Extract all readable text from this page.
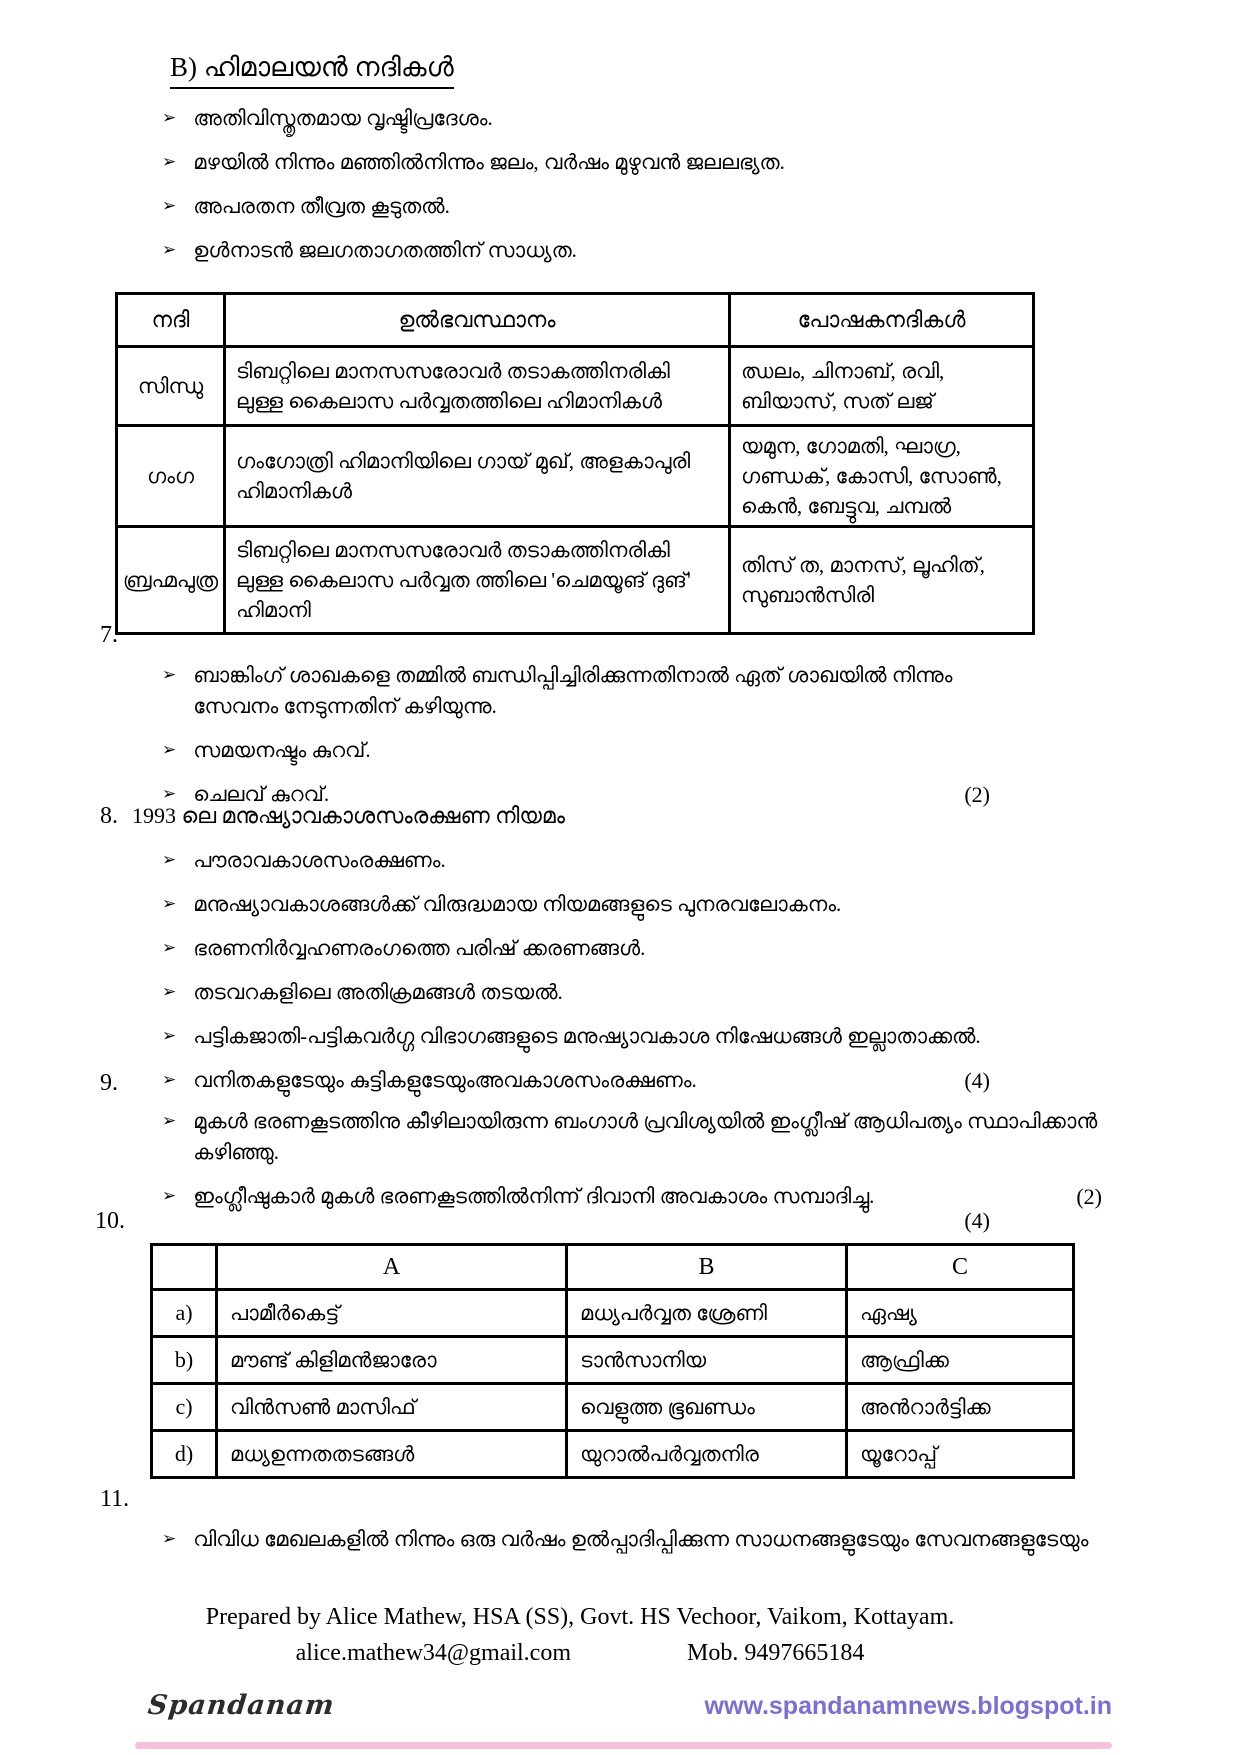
B) ഹിമാലയൻ നദികൾ
➢ അതിവിസ്തൃതമായ വൃഷ്ടിപ്രദേശം.
➢ മഴയിൽ നിന്നും മഞ്ഞിൽനിന്നും ജലം, വർഷം മുഴുവൻ ജലലഭ്യത.
➢ അപരതന തീവ്രത കൂടുതൽ.
➢ ഉൾനാടൻ ജലഗതാഗതത്തിന് സാധ്യത.
നദി	ഉൽഭവസ്ഥാനം	പോഷകനദികൾ
സിന്ധു	ടിബറ്റിലെ മാനസസരോവർ തടാകത്തിനരികി ലുള്ള കൈലാസ പർവ്വതത്തിലെ ഹിമാനികൾ	ഝലം, ചിനാബ്, രവി, ബിയാസ്, സത് ലജ്
ഗംഗ	ഗംഗോത്രി ഹിമാനിയിലെ ഗായ് മുഖ്, അളകാപുരി ഹിമാനികൾ	യമുന, ഗോമതി, ഘാഗ്ര, ഗണ്ഡക്, കോസി, സോൺ, കെൻ, ബേട്ടുവ, ചമ്പൽ
ബ്രഹ്മപുത്ര	ടിബറ്റിലെ മാനസസരോവർ തടാകത്തിനരികി ലുള്ള കൈലാസ പർവ്വത ത്തിലെ 'ചെമയൂങ് ദുങ്' ഹിമാനി	തിസ് ത, മാനസ്, ലൂഹിത്, സുബാൻസിരി
7.
➢ ബാങ്കിംഗ് ശാഖകളെ തമ്മിൽ ബന്ധിപ്പിച്ചിരിക്കുന്നതിനാൽ ഏത് ശാഖയിൽ നിന്നും സേവനം നേടുന്നതിന് കഴിയുന്നു.
➢ സമയനഷ്ടം കുറവ്.
➢ ചെലവ് കുറവ്.	(2)
8. 1993 ലെ മനുഷ്യാവകാശസംരക്ഷണ നിയമം
➢ പൗരാവകാശസംരക്ഷണം.
➢ മനുഷ്യാവകാശങ്ങൾക്ക് വിരുദ്ധമായ നിയമങ്ങളുടെ പുനരവലോകനം.
➢ ഭരണനിർവ്വഹണരംഗത്തെ പരിഷ് ക്കരണങ്ങൾ.
➢ തടവറകളിലെ അതിക്രമങ്ങൾ തടയൽ.
➢ പട്ടികജാതി-പട്ടികവർഗ്ഗ വിഭാഗങ്ങളുടെ മനുഷ്യാവകാശ നിഷേധങ്ങൾ ഇല്ലാതാക്കൽ.
➢ വനിതകളുടേയും കുട്ടികളുടേയുംഅവകാശസംരക്ഷണം.	(4)
9.
➢ മുകൾ ഭരണകൂടത്തിനു കീഴിലായിരുന്ന ബംഗാൾ പ്രവിശ്യയിൽ ഇംഗ്ലീഷ് ആധിപത്യം സ്ഥാപിക്കാൻ കഴിഞ്ഞു.
➢ ഇംഗ്ലീഷുകാർ മുകൾ ഭരണകൂടത്തിൽനിന്ന് ദിവാനി അവകാശം സമ്പാദിച്ചു.	(2)
10.	(4)
	A	B	C
a)	പാമീർകെട്ട്	മധ്യപർവ്വത ശ്രേണി	ഏഷ്യ
b)	മൗണ്ട് കിളിമൻജാരോ	ടാൻസാനിയ	ആഫ്രിക്ക
c)	വിൻസൺ മാസിഫ്	വെളുത്ത ഭൂഖണ്ഡം	അൻറാർട്ടിക്ക
d)	മധ്യഉന്നതതടങ്ങൾ	യുറാൽപർവ്വതനിര	യൂറോപ്പ്
11.
➢ വിവിധ മേഖലകളിൽ നിന്നും ഒരു വർഷം ഉൽപ്പാദിപ്പിക്കുന്ന സാധനങ്ങളുടേയും സേവനങ്ങളുടേയും
Prepared by Alice Mathew, HSA (SS), Govt. HS Vechoor, Vaikom, Kottayam.
alice.mathew34@gmail.com	Mob. 9497665184
Spandanam	www.spandanamnews.blogspot.in
